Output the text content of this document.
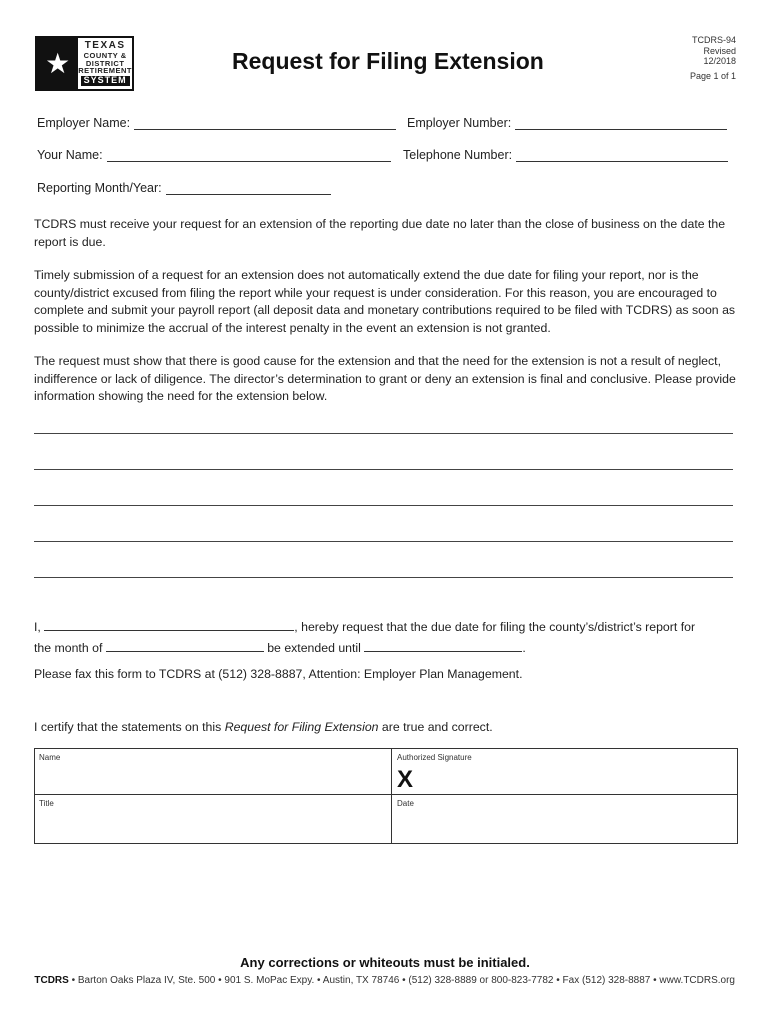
★
TEXAS
COUNTY &
DISTRICT
RETIREMENT
SYSTEM
Request for Filing Extension
TCDRS-94
Revised
12/2018
Page 1 of 1
Employer Name:	Employer Number:
Your Name:	Telephone Number:
Reporting Month/Year:

TCDRS must receive your request for an extension of the reporting due date no later than the close of business on the date the report is due.

Timely submission of a request for an extension does not automatically extend the due date for filing your report, nor is the county/district excused from filing the report while your request is under consideration. For this reason, you are encouraged to complete and submit your payroll report (all deposit data and monetary contributions required to be filed with TCDRS) as soon as possible to minimize the accrual of the interest penalty in the event an extension is not granted.

The request must show that there is good cause for the extension and that the need for the extension is not a result of neglect, indifference or lack of diligence. The director’s determination to grant or deny an extension is final and conclusive. Please provide information showing the need for the extension below.

I,	, hereby request that the due date for filing the county’s/district’s report for
the month of	be extended until	.
Please fax this form to TCDRS at (512) 328-8887, Attention: Employer Plan Management.
I certify that the statements on this Request for Filing Extension are true and correct.
Name	Authorized Signature
X
Title	Date
Any corrections or whiteouts must be initialed.
TCDRS • Barton Oaks Plaza IV, Ste. 500 • 901 S. MoPac Expy. • Austin, TX 78746 • (512) 328-8889 or 800-823-7782 • Fax (512) 328-8887 • www.TCDRS.org
